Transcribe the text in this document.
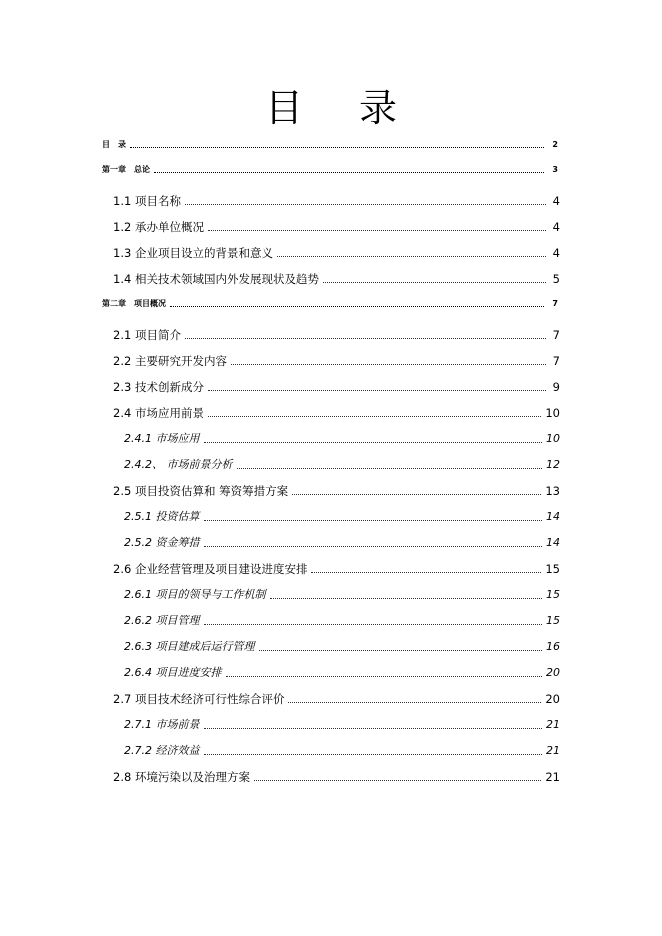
目 录
目　录	2
第一章　总论	3
1.1 项目名称	4
1.2 承办单位概况	4
1.3 企业项目设立的背景和意义	4
1.4 相关技术领域国内外发展现状及趋势	5
第二章　项目概况	7
2.1 项目简介	7
2.2 主要研究开发内容	7
2.3 技术创新成分	9
2.4 市场应用前景	10
2.4.1 市场应用	10
2.4.2、 市场前景分析	12
2.5 项目投资估算和 筹资筹措方案	13
2.5.1 投资估算	14
2.5.2 资金筹措	14
2.6 企业经营管理及项目建设进度安排	15
2.6.1 项目的领导与工作机制	15
2.6.2 项目管理	15
2.6.3 项目建成后运行管理	16
2.6.4 项目进度安排	20
2.7 项目技术经济可行性综合评价	20
2.7.1 市场前景	21
2.7.2 经济效益	21
2.8 环境污染以及治理方案	21
